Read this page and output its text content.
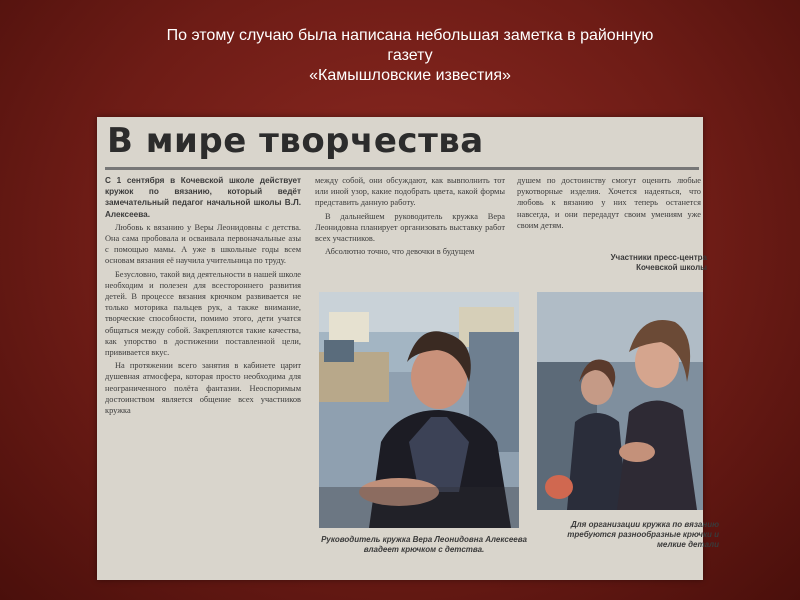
По этому случаю была написана небольшая заметка в районную
газету
«Камышловские известия»
В мире творчества

С 1 сентября в Кочевской школе действует кружок по вязанию, который ведёт замечательный педагог начальной школы В.Л. Алексеева.

Любовь к вязанию у Веры Леонидовны с детства. Она сама пробовала и осваивала первоначальные азы с помощью мамы. А уже в школьные годы всем основам вязания её научила учительница по труду.

Безусловно, такой вид деятельности в нашей школе необходим и полезен для всестороннего развития детей. В процессе вязания крючком развивается не только моторика пальцев рук, а также внимание, творческие способности, помимо этого, дети учатся общаться между собой. Закрепляются такие качества, как упорство в достижении поставленной цели, прививается вкус.

На протяжении всего занятия в кабинете царит душевная атмосфера, которая просто необходима для неограниченного полёта фантазии. Неоспоримым достоинством является общение всех участников кружка

между собой, они обсуждают, как вывполнить тот или иной узор, какие подобрать цвета, какой формы представить данную работу.

В дальнейшем руководитель кружка Вера Леонидовна планирует организовать выставку работ всех участников.

Абсолютно точно, что девочки в будущем

душем по достоинству смогут оценить любые рукотворные изделия. Хочется надеяться, что любовь к вязанию у них теперь останется навсегда, и они передадут своим умениям уже своим детям.

Участники пресс-центра Кочевской школы
Руководитель кружка Вера Леонидовна Алексеева владеет крючком с детства.
Для организации кружка по вязанию требуются разнообразные крючки и мелкие детали
